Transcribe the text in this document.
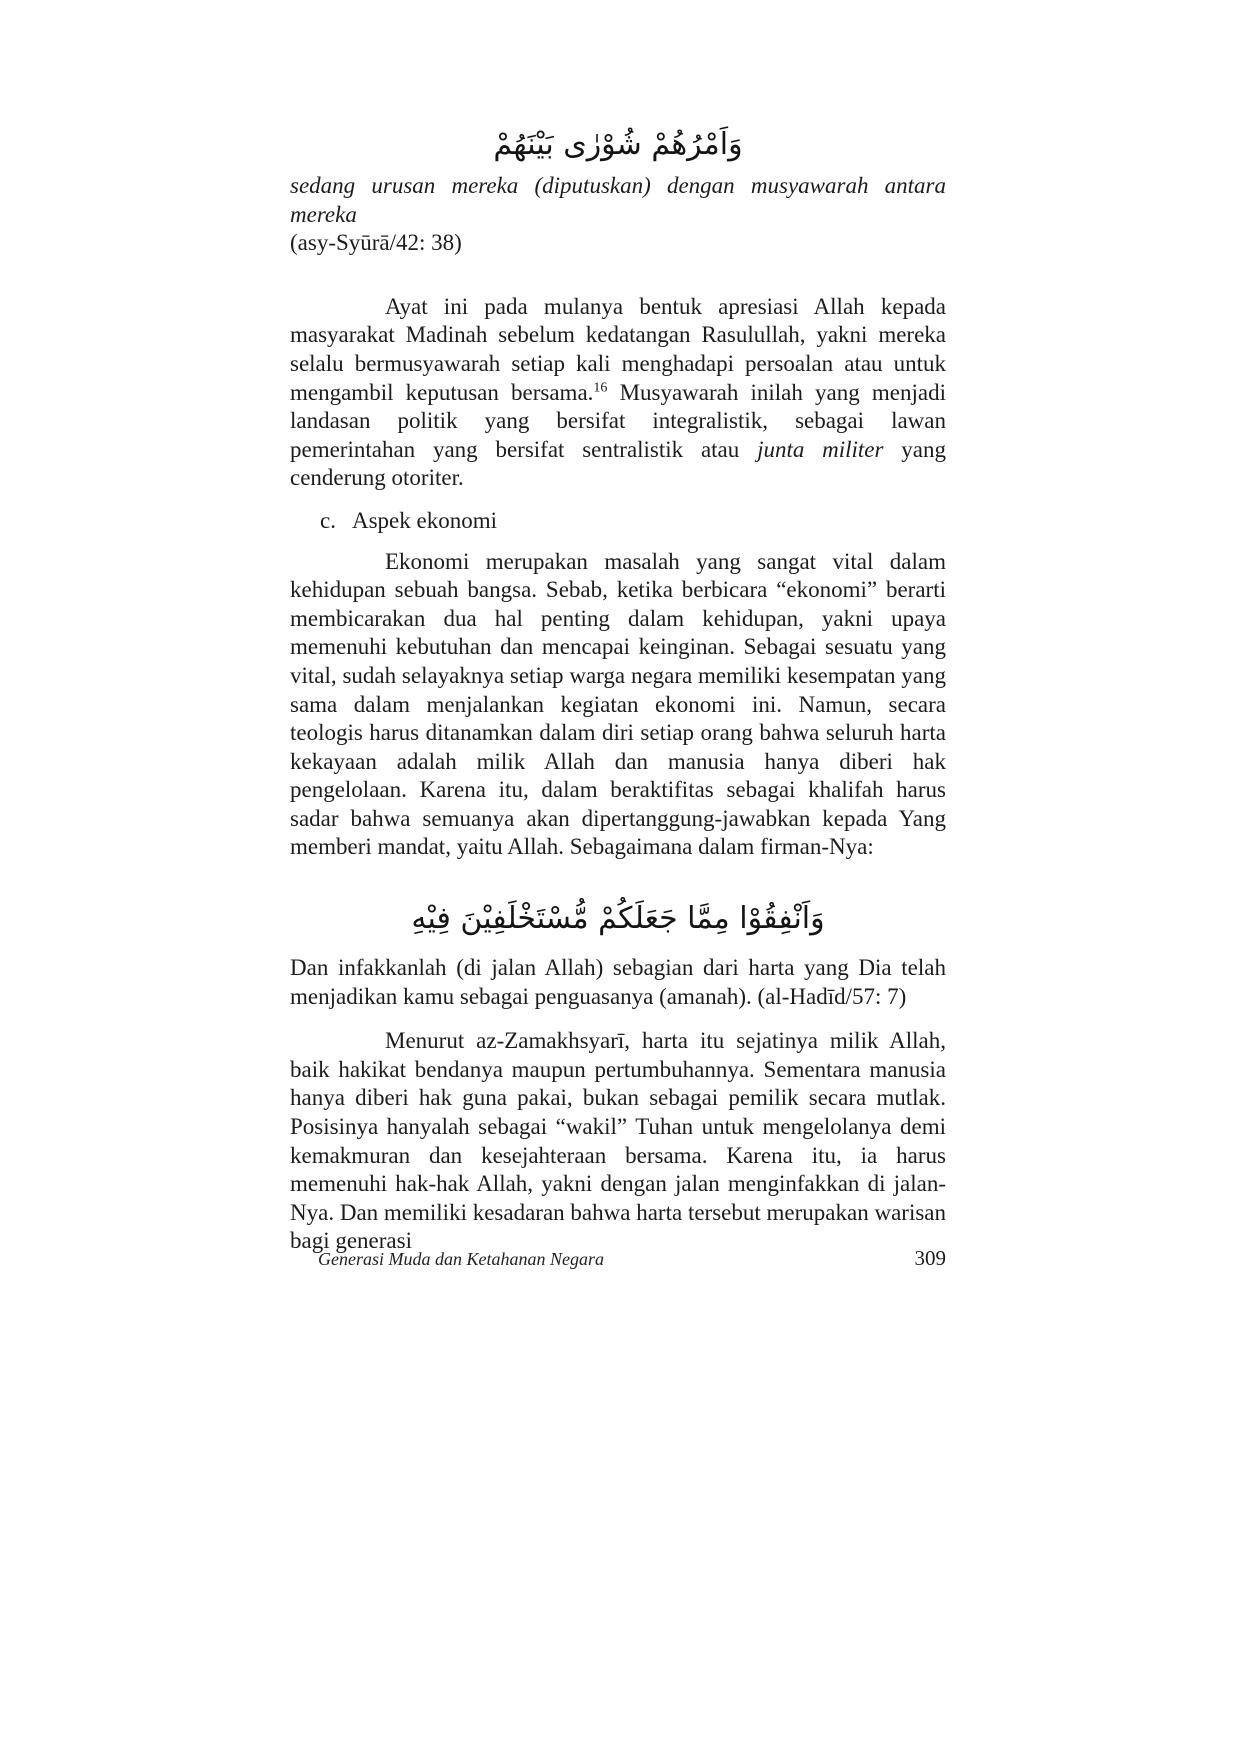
وَاَمْرُهُمْ شُوْرٰى بَيْنَهُمْ

sedang urusan mereka (diputuskan) dengan musyawarah antara mereka
(asy-Syūrā/42: 38)

Ayat ini pada mulanya bentuk apresiasi Allah kepada masyarakat Madinah sebelum kedatangan Rasulullah, yakni mereka selalu bermusyawarah setiap kali menghadapi persoalan atau untuk mengambil keputusan bersama.$^{16}$ Musyawarah inilah yang menjadi landasan politik yang bersifat integralistik, sebagai lawan pemerintahan yang bersifat sentralistik atau junta militer yang cenderung otoriter.

c. Aspek ekonomi

Ekonomi merupakan masalah yang sangat vital dalam kehidupan sebuah bangsa. Sebab, ketika berbicara “ekonomi” berarti membicarakan dua hal penting dalam kehidupan, yakni upaya memenuhi kebutuhan dan mencapai keinginan. Sebagai sesuatu yang vital, sudah selayaknya setiap warga negara memiliki kesempatan yang sama dalam menjalankan kegiatan ekonomi ini. Namun, secara teologis harus ditanamkan dalam diri setiap orang bahwa seluruh harta kekayaan adalah milik Allah dan manusia hanya diberi hak pengelolaan. Karena itu, dalam beraktifitas sebagai khalifah harus sadar bahwa semuanya akan dipertanggung-jawabkan kepada Yang memberi mandat, yaitu Allah. Sebagaimana dalam firman-Nya:

وَاَنْفِقُوْا مِمَّا جَعَلَكُمْ مُّسْتَخْلَفِيْنَ فِيْهِ

Dan infakkanlah (di jalan Allah) sebagian dari harta yang Dia telah menjadikan kamu sebagai penguasanya (amanah). (al-Hadīd/57: 7)

Menurut az-Zamakhsyarī, harta itu sejatinya milik Allah, baik hakikat bendanya maupun pertumbuhannya. Sementara manusia hanya diberi hak guna pakai, bukan sebagai pemilik secara mutlak. Posisinya hanyalah sebagai “wakil” Tuhan untuk mengelolanya demi kemakmuran dan kesejahteraan bersama. Karena itu, ia harus memenuhi hak-hak Allah, yakni dengan jalan menginfakkan di jalan-Nya. Dan memiliki kesadaran bahwa harta tersebut merupakan warisan bagi generasi

Generasi Muda dan Ketahanan Negara	309
